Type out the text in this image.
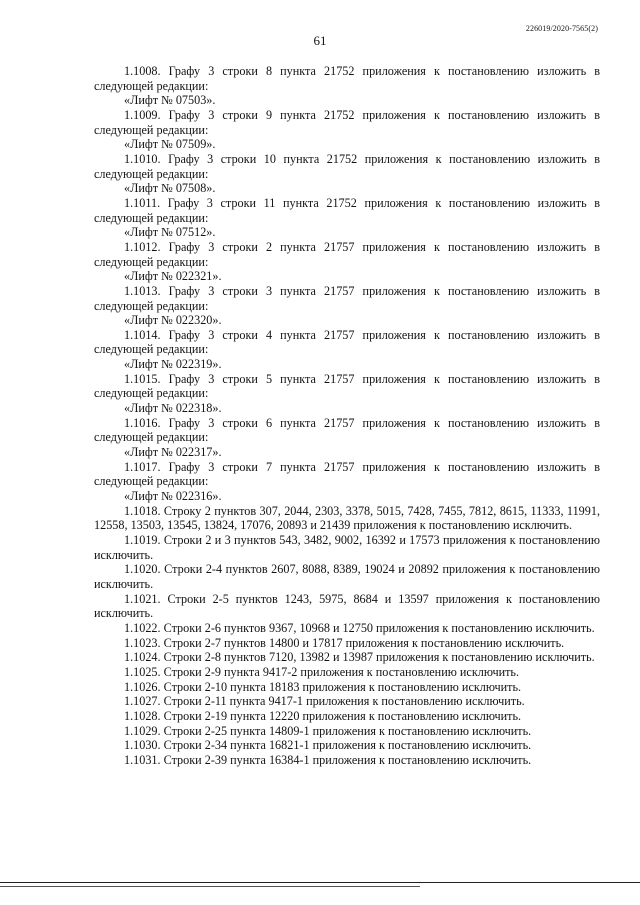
226019/2020-7565(2)
61
1.1008. Графу 3 строки 8 пункта 21752 приложения к постановлению изложить в следующей редакции:
«Лифт № 07503».
1.1009. Графу 3 строки 9 пункта 21752 приложения к постановлению изложить в следующей редакции:
«Лифт № 07509».
1.1010. Графу 3 строки 10 пункта 21752 приложения к постановлению изложить в следующей редакции:
«Лифт № 07508».
1.1011. Графу 3 строки 11 пункта 21752 приложения к постановлению изложить в следующей редакции:
«Лифт № 07512».
1.1012. Графу 3 строки 2 пункта 21757 приложения к постановлению изложить в следующей редакции:
«Лифт № 022321».
1.1013. Графу 3 строки 3 пункта 21757 приложения к постановлению изложить в следующей редакции:
«Лифт № 022320».
1.1014. Графу 3 строки 4 пункта 21757 приложения к постановлению изложить в следующей редакции:
«Лифт № 022319».
1.1015. Графу 3 строки 5 пункта 21757 приложения к постановлению изложить в следующей редакции:
«Лифт № 022318».
1.1016. Графу 3 строки 6 пункта 21757 приложения к постановлению изложить в следующей редакции:
«Лифт № 022317».
1.1017. Графу 3 строки 7 пункта 21757 приложения к постановлению изложить в следующей редакции:
«Лифт № 022316».
1.1018. Строку 2 пунктов 307, 2044, 2303, 3378, 5015, 7428, 7455, 7812, 8615, 11333, 11991, 12558, 13503, 13545, 13824, 17076, 20893 и 21439 приложения к постановлению исключить.
1.1019. Строки 2 и 3 пунктов 543, 3482, 9002, 16392 и 17573 приложения к постановлению исключить.
1.1020. Строки 2-4 пунктов 2607, 8088, 8389, 19024 и 20892 приложения к постановлению исключить.
1.1021. Строки 2-5 пунктов 1243, 5975, 8684 и 13597 приложения к постановлению исключить.
1.1022. Строки 2-6 пунктов 9367, 10968 и 12750 приложения к постановлению исключить.
1.1023. Строки 2-7 пунктов 14800 и 17817 приложения к постановлению исключить.
1.1024. Строки 2-8 пунктов 7120, 13982 и 13987 приложения к постановлению исключить.
1.1025. Строки 2-9 пункта 9417-2 приложения к постановлению исключить.
1.1026. Строки 2-10 пункта 18183 приложения к постановлению исключить.
1.1027. Строки 2-11 пункта 9417-1 приложения к постановлению исключить.
1.1028. Строки 2-19 пункта 12220 приложения к постановлению исключить.
1.1029. Строки 2-25 пункта 14809-1 приложения к постановлению исключить.
1.1030. Строки 2-34 пункта 16821-1 приложения к постановлению исключить.
1.1031. Строки 2-39 пункта 16384-1 приложения к постановлению исключить.
